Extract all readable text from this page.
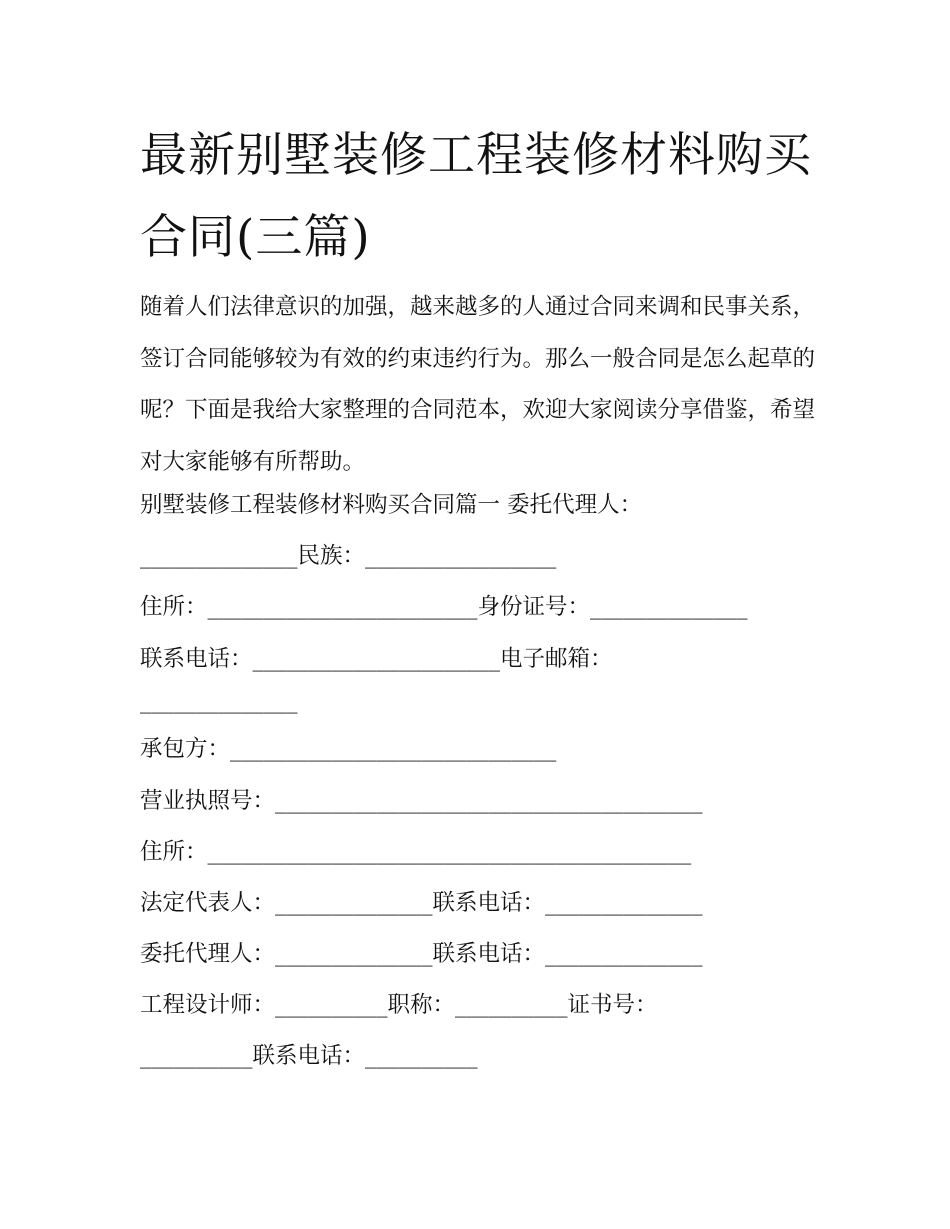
最新别墅装修工程装修材料购买合同(三篇)

随着人们法律意识的加强，越来越多的人通过合同来调和民事关系，签订合同能够较为有效的约束违约行为。那么一般合同是怎么起草的呢？下面是我给大家整理的合同范本，欢迎大家阅读分享借鉴，希望对大家能够有所帮助。

别墅装修工程装修材料购买合同篇一 委托代理人：

______________民族：_________________

住所：________________________身份证号：______________

联系电话：______________________电子邮箱：

______________

承包方：_____________________________

营业执照号：______________________________________

住所：___________________________________________

法定代表人：______________联系电话：______________

委托代理人：______________联系电话：______________

工程设计师：__________职称：__________证书号：

__________联系电话：__________
